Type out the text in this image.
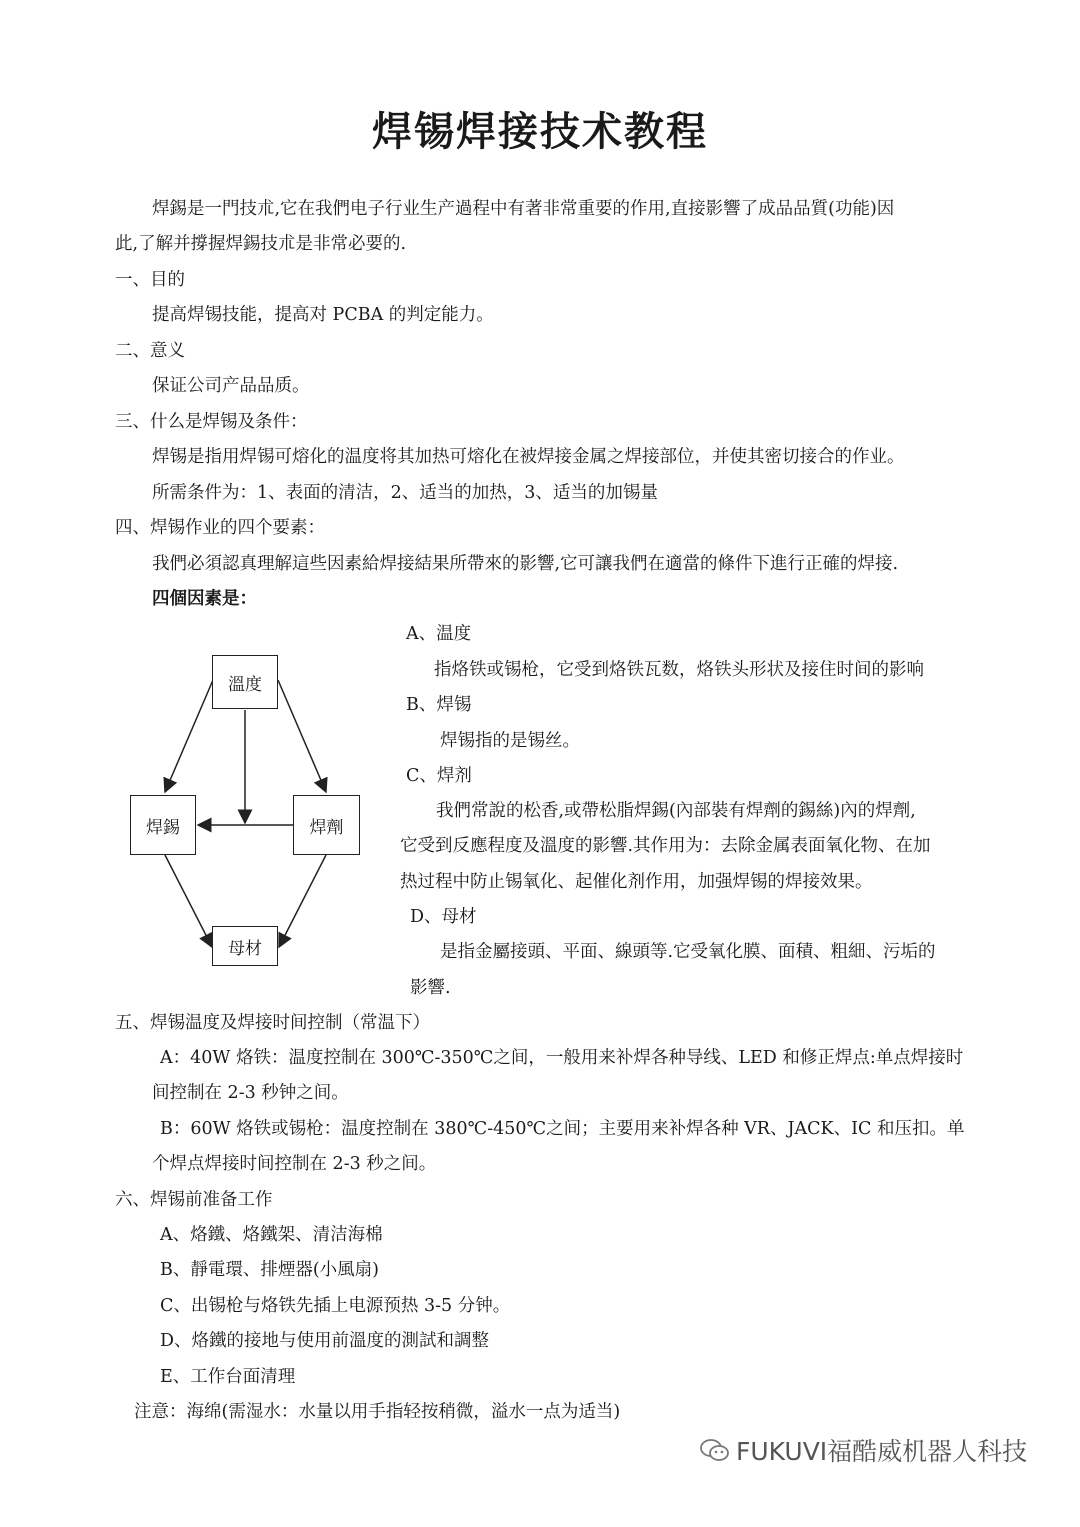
焊锡焊接技术教程
焊錫是一門技朮,它在我們电子行业生产過程中有著非常重要的作用,直接影響了成品品質(功能)因
此,了解并撐握焊錫技朮是非常必要的.
一、目的
提高焊锡技能，提高对 PCBA 的判定能力。
二、意义
保证公司产品品质。
三、什么是焊锡及条件：
焊锡是指用焊锡可熔化的温度将其加热可熔化在被焊接金属之焊接部位，并使其密切接合的作业。
所需条件为：1、表面的清洁，2、适当的加热，3、适当的加锡量
四、焊锡作业的四个要素：
我們必須認真理解這些因素給焊接結果所帶來的影響,它可讓我們在適當的條件下進行正確的焊接.
四個因素是：
A、温度
指烙铁或锡枪，它受到烙铁瓦数，烙铁头形状及接住时间的影响
B、焊锡
焊锡指的是锡丝。
C、焊剂
我們常說的松香,或帶松脂焊錫(內部裝有焊劑的錫絲)內的焊劑,
它受到反應程度及溫度的影響.其作用为：去除金属表面氧化物、在加
热过程中防止锡氧化、起催化剂作用，加强焊锡的焊接效果。
D、母材
是指金屬接頭、平面、線頭等.它受氧化膜、面積、粗細、污垢的
影響.
溫度
焊錫	焊劑
母材
五、焊锡温度及焊接时间控制（常温下）
A：40W 烙铁：温度控制在 300℃-350℃之间，一般用来补焊各种导线、LED 和修正焊点:单点焊接时
间控制在 2-3 秒钟之间。
B：60W 烙铁或锡枪：温度控制在 380℃-450℃之间；主要用来补焊各种 VR、JACK、IC 和压扣。单
个焊点焊接时间控制在 2-3 秒之间。
六、焊锡前准备工作
A、烙鐵、烙鐵架、清洁海棉
B、靜電環、排煙器(小風扇)
C、出锡枪与烙铁先插上电源预热 3-5 分钟。
D、烙鐵的接地与使用前溫度的測試和調整
E、工作台面清理
注意：海绵(需湿水：水量以用手指轻按稍微，溢水一点为适当)
FUKUVI福酷威机器人科技
